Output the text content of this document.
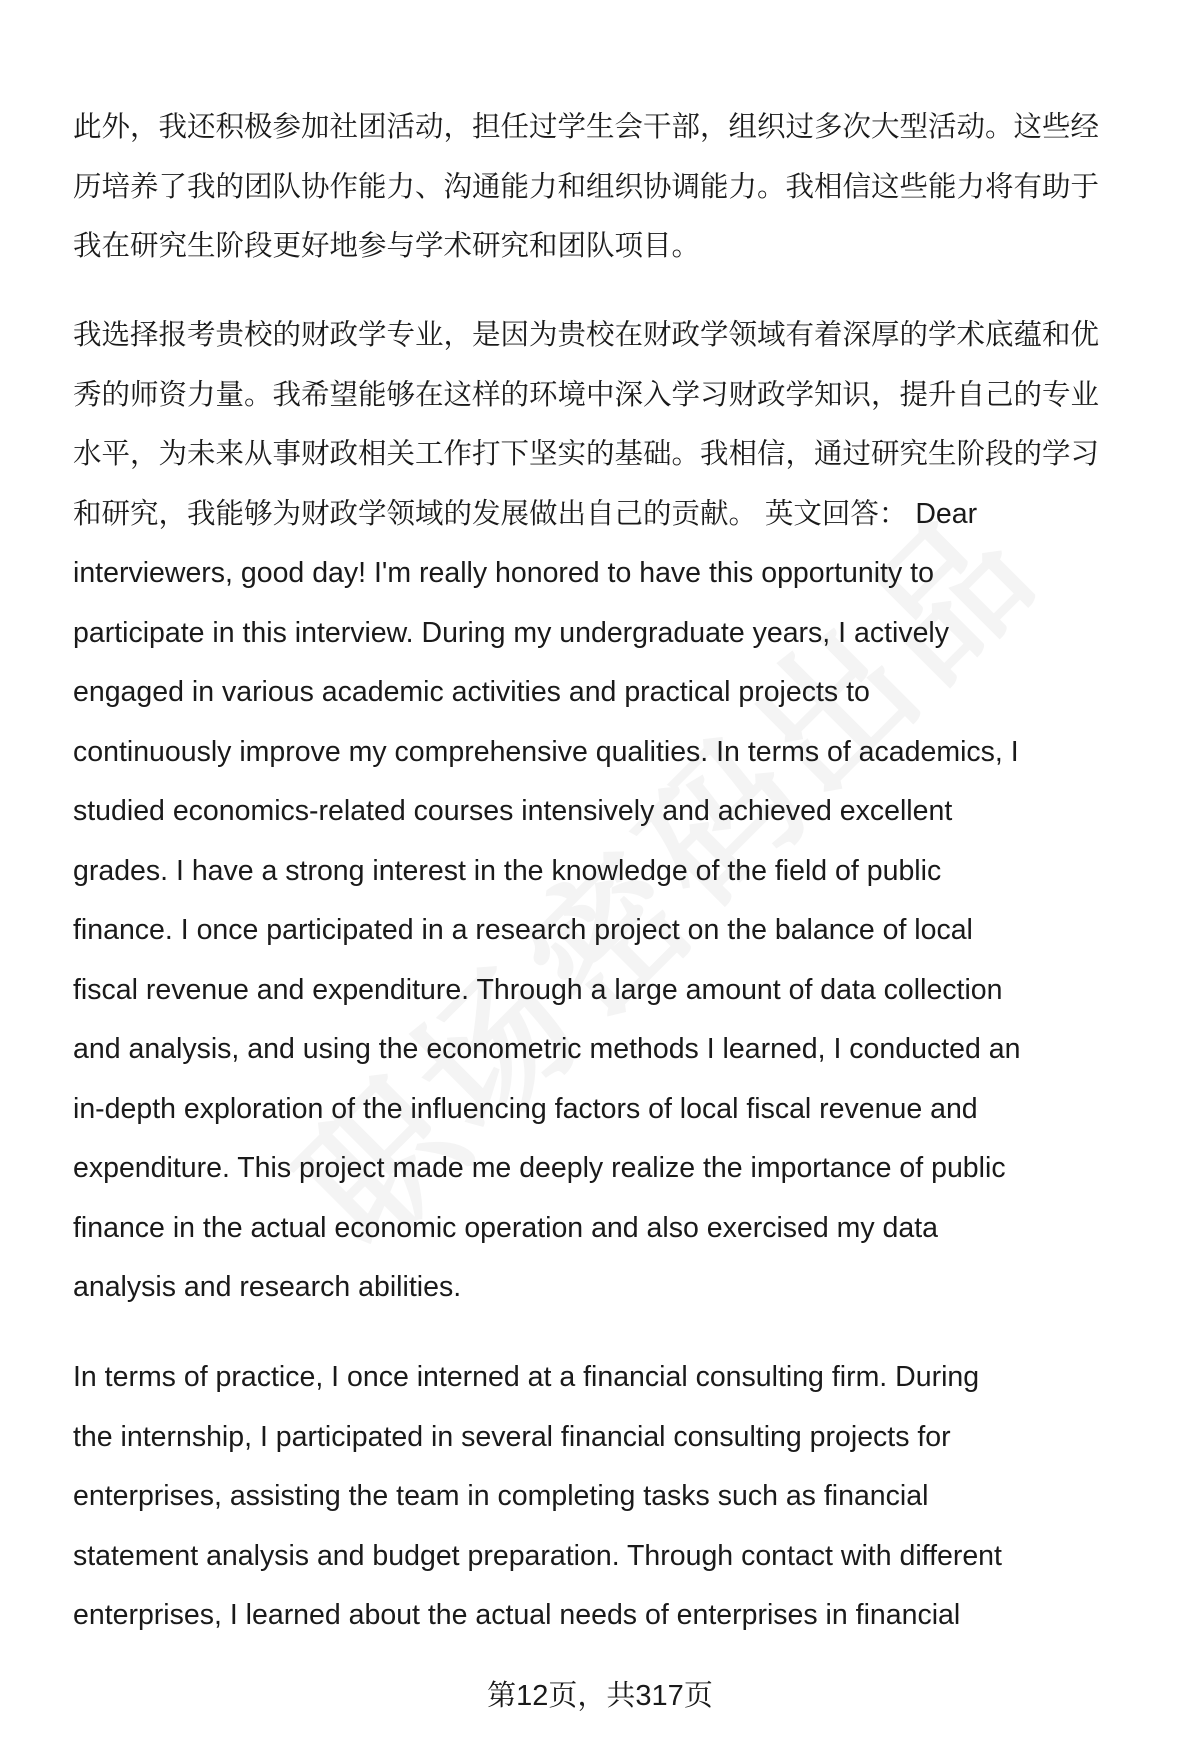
此外，我还积极参加社团活动，担任过学生会干部，组织过多次大型活动。这些经
历培养了我的团队协作能力、沟通能力和组织协调能力。我相信这些能力将有助于
我在研究生阶段更好地参与学术研究和团队项目。
我选择报考贵校的财政学专业，是因为贵校在财政学领域有着深厚的学术底蕴和优
秀的师资力量。我希望能够在这样的环境中深入学习财政学知识，提升自己的专业
水平，为未来从事财政相关工作打下坚实的基础。我相信，通过研究生阶段的学习
和研究，我能够为财政学领域的发展做出自己的贡献。 英文回答： Dear
interviewers, good day! I'm really honored to have this opportunity to
participate in this interview. During my undergraduate years, I actively
engaged in various academic activities and practical projects to
continuously improve my comprehensive qualities. In terms of academics, I
studied economics-related courses intensively and achieved excellent
grades. I have a strong interest in the knowledge of the field of public
finance. I once participated in a research project on the balance of local
fiscal revenue and expenditure. Through a large amount of data collection
and analysis, and using the econometric methods I learned, I conducted an
in-depth exploration of the influencing factors of local fiscal revenue and
expenditure. This project made me deeply realize the importance of public
finance in the actual economic operation and also exercised my data
analysis and research abilities.
In terms of practice, I once interned at a financial consulting firm. During
the internship, I participated in several financial consulting projects for
enterprises, assisting the team in completing tasks such as financial
statement analysis and budget preparation. Through contact with different
enterprises, I learned about the actual needs of enterprises in financial
第12页，共317页
